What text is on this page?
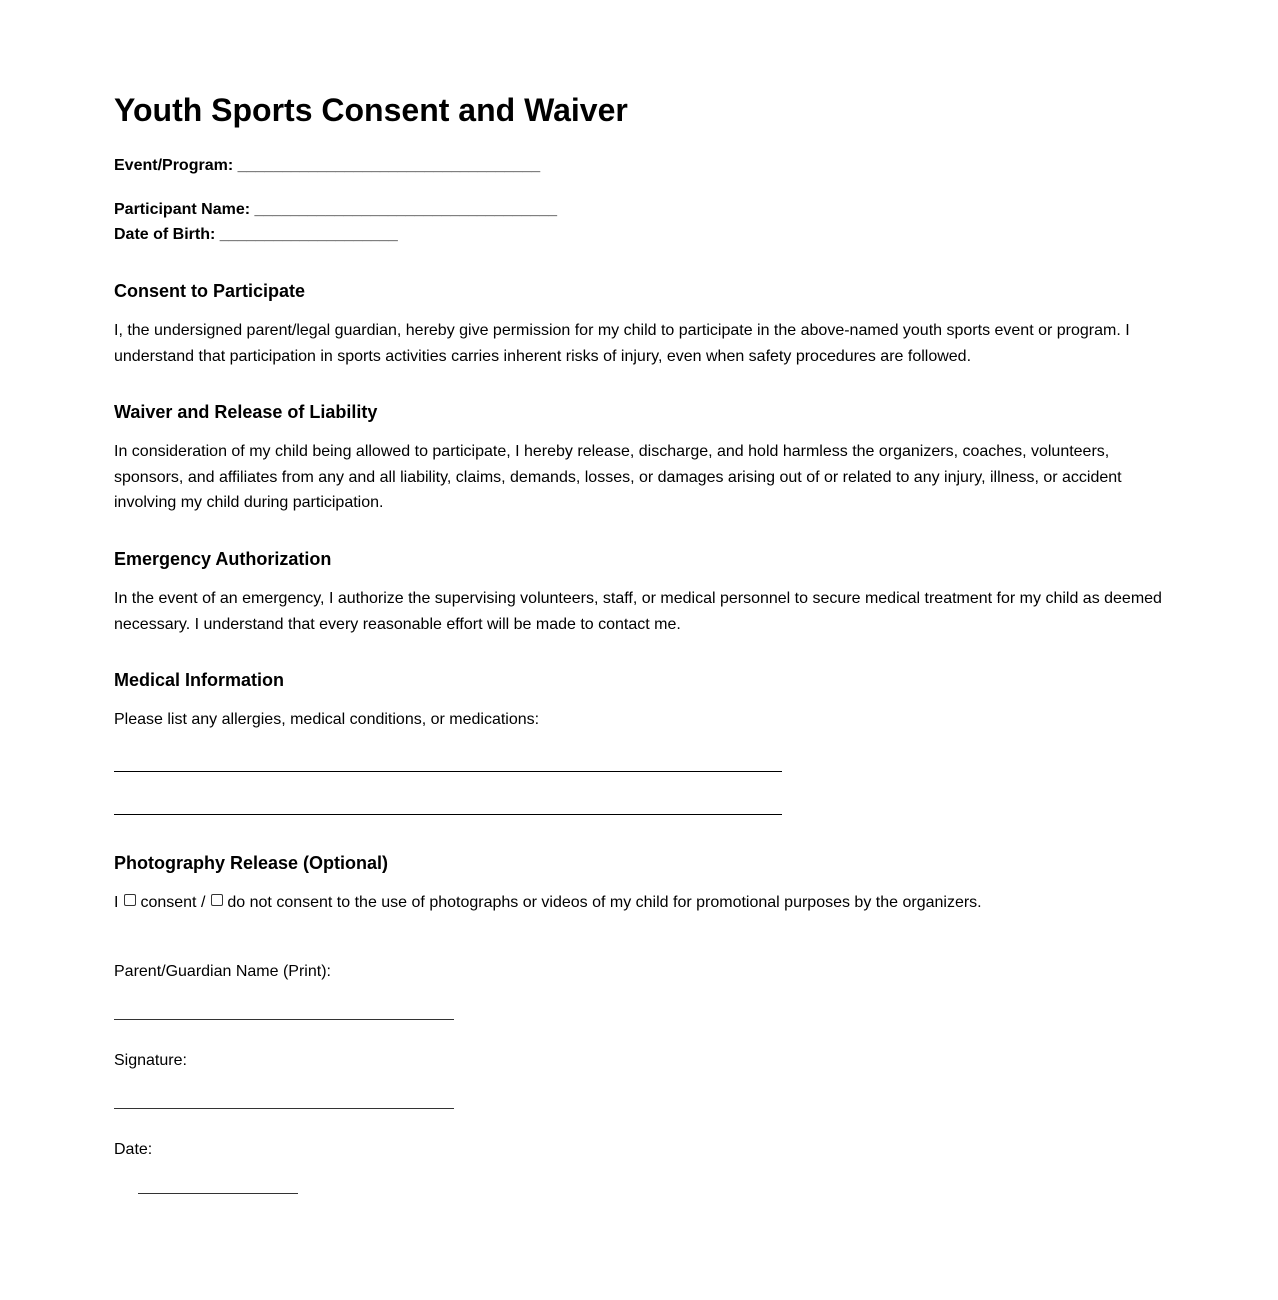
Youth Sports Consent and Waiver
Event/Program: __________________________________
Participant Name: __________________________________
Date of Birth: ____________________
Consent to Participate

I, the undersigned parent/legal guardian, hereby give permission for my child to participate in the above-named youth sports event or program. I understand that participation in sports activities carries inherent risks of injury, even when safety procedures are followed.

Waiver and Release of Liability

In consideration of my child being allowed to participate, I hereby release, discharge, and hold harmless the organizers, coaches, volunteers, sponsors, and affiliates from any and all liability, claims, demands, losses, or damages arising out of or related to any injury, illness, or accident involving my child during participation.

Emergency Authorization

In the event of an emergency, I authorize the supervising volunteers, staff, or medical personnel to secure medical treatment for my child as deemed necessary. I understand that every reasonable effort will be made to contact me.

Medical Information
Please list any allergies, medical conditions, or medications:
Photography Release (Optional)
I consent / do not consent to the use of photographs or videos of my child for promotional purposes by the organizers.
Parent/Guardian Name (Print):
Signature:
Date:
